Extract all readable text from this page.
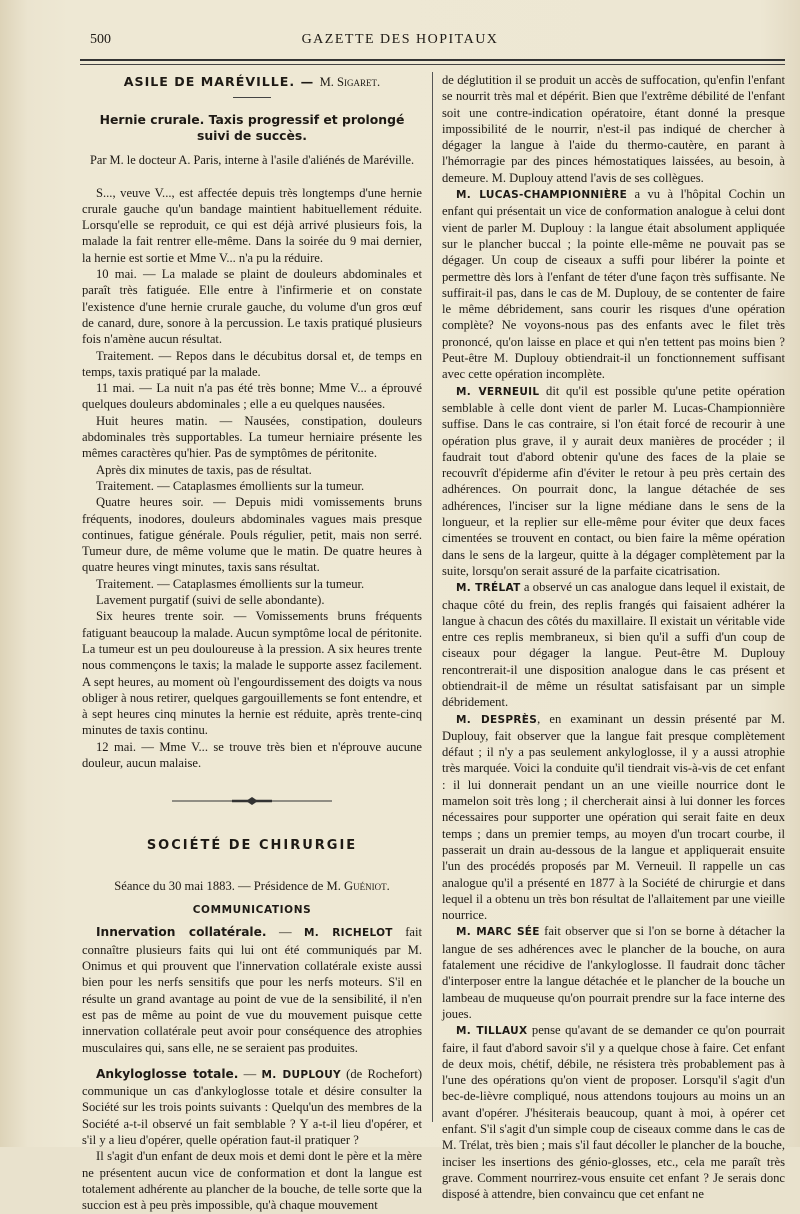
500	GAZETTE DES HOPITAUX
ASILE DE MARÉVILLE. — M. Sigaret.
Hernie crurale. Taxis progressif et prolongé suivi de succès.
Par M. le docteur A. Paris, interne à l'asile d'aliénés de Maréville.

S..., veuve V..., est affectée depuis très longtemps d'une hernie crurale gauche qu'un bandage maintient habituellement réduite. Lorsqu'elle se reproduit, ce qui est déjà arrivé plusieurs fois, la malade la fait rentrer elle-même. Dans la soirée du 9 mai dernier, la hernie est sortie et Mme V... n'a pu la réduire.

10 mai. — La malade se plaint de douleurs abdominales et paraît très fatiguée. Elle entre à l'infirmerie et on constate l'existence d'une hernie crurale gauche, du volume d'un gros œuf de canard, dure, sonore à la percussion. Le taxis pratiqué plusieurs fois n'amène aucun résultat.

Traitement. — Repos dans le décubitus dorsal et, de temps en temps, taxis pratiqué par la malade.

11 mai. — La nuit n'a pas été très bonne; Mme V... a éprouvé quelques douleurs abdominales ; elle a eu quelques nausées.

Huit heures matin. — Nausées, constipation, douleurs abdominales très supportables. La tumeur herniaire présente les mêmes caractères qu'hier. Pas de symptômes de péritonite.

Après dix minutes de taxis, pas de résultat.

Traitement. — Cataplasmes émollients sur la tumeur.

Quatre heures soir. — Depuis midi vomissements bruns fréquents, inodores, douleurs abdominales vagues mais presque continues, fatigue générale. Pouls régulier, petit, mais non serré. Tumeur dure, de même volume que le matin. De quatre heures à quatre heures vingt minutes, taxis sans résultat.

Traitement. — Cataplasmes émollients sur la tumeur.

Lavement purgatif (suivi de selle abondante).

Six heures trente soir. — Vomissements bruns fréquents fatiguant beaucoup la malade. Aucun symptôme local de péritonite. La tumeur est un peu douloureuse à la pression. A six heures trente nous commençons le taxis; la malade le supporte assez facilement. A sept heures, au moment où l'engourdissement des doigts va nous obliger à nous retirer, quelques gargouillements se font entendre, et à sept heures cinq minutes la hernie est réduite, après trente-cinq minutes de taxis continu.

12 mai. — Mme V... se trouve très bien et n'éprouve aucune douleur, aucun malaise.

SOCIÉTÉ DE CHIRURGIE
Séance du 30 mai 1883. — Présidence de M. Guéniot.
COMMUNICATIONS

Innervation collatérale. — M. RICHELOT fait connaître plusieurs faits qui lui ont été communiqués par M. Onimus et qui prouvent que l'innervation collatérale existe aussi bien pour les nerfs sensitifs que pour les nerfs moteurs. S'il en résulte un grand avantage au point de vue de la sensibilité, il n'en est pas de même au point de vue du mouvement puisque cette innervation collatérale peut avoir pour conséquence des atrophies musculaires qui, sans elle, ne se seraient pas produites.

Ankyloglosse totale. — M. DUPLOUY (de Rochefort) communique un cas d'ankyloglosse totale et désire consulter la Société sur les trois points suivants : Quelqu'un des membres de la Société a-t-il observé un fait semblable ? Y a-t-il lieu d'opérer, et s'il y a lieu d'opérer, quelle opération faut-il pratiquer ?

Il s'agit d'un enfant de deux mois et demi dont le père et la mère ne présentent aucun vice de conformation et dont la langue est totalement adhérente au plancher de la bouche, de telle sorte que la succion est à peu près impossible, qu'à chaque mouvement

de déglutition il se produit un accès de suffocation, qu'enfin l'enfant se nourrit très mal et dépérit. Bien que l'extrême débilité de l'enfant soit une contre-indication opératoire, étant donné la presque impossibilité de le nourrir, n'est-il pas indiqué de chercher à dégager la langue à l'aide du thermo-cautère, en parant à l'hémorragie par des pinces hémostatiques laissées, au besoin, à demeure. M. Duplouy attend l'avis de ses collègues.

M. LUCAS-CHAMPIONNIÈRE a vu à l'hôpital Cochin un enfant qui présentait un vice de conformation analogue à celui dont vient de parler M. Duplouy : la langue était absolument appliquée sur le plancher buccal ; la pointe elle-même ne pouvait pas se dégager. Un coup de ciseaux a suffi pour libérer la pointe et permettre dès lors à l'enfant de téter d'une façon très suffisante. Ne suffirait-il pas, dans le cas de M. Duplouy, de se contenter de faire le même débridement, sans courir les risques d'une opération complète? Ne voyons-nous pas des enfants avec le filet très prononcé, qu'on laisse en place et qui n'en tettent pas moins bien ? Peut-être M. Duplouy obtiendrait-il un fonctionnement suffisant avec cette opération incomplète.

M. VERNEUIL dit qu'il est possible qu'une petite opération semblable à celle dont vient de parler M. Lucas-Championnière suffise. Dans le cas contraire, si l'on était forcé de recourir à une opération plus grave, il y aurait deux manières de procéder ; il faudrait tout d'abord obtenir qu'une des faces de la plaie se recouvrît d'épiderme afin d'éviter le retour à peu près certain des adhérences. On pourrait donc, la langue détachée de ses adhérences, l'inciser sur la ligne médiane dans le sens de la longueur, et la replier sur elle-même pour éviter que deux faces cimentées se trouvent en contact, ou bien faire la même opération dans le sens de la largeur, quitte à la dégager complètement par la suite, lorsqu'on serait assuré de la parfaite cicatrisation.

M. TRÉLAT a observé un cas analogue dans lequel il existait, de chaque côté du frein, des replis frangés qui faisaient adhérer la langue à chacun des côtés du maxillaire. Il existait un véritable vide entre ces replis membraneux, si bien qu'il a suffi d'un coup de ciseaux pour dégager la langue. Peut-être M. Duplouy rencontrerait-il une disposition analogue dans le cas présent et obtiendrait-il de même un résultat satisfaisant par un simple débridement.

M. DESPRÈS, en examinant un dessin présenté par M. Duplouy, fait observer que la langue fait presque complètement défaut ; il n'y a pas seulement ankyloglosse, il y a aussi atrophie très marquée. Voici la conduite qu'il tiendrait vis-à-vis de cet enfant : il lui donnerait pendant un an une vieille nourrice dont le mamelon soit très long ; il chercherait ainsi à lui donner les forces nécessaires pour supporter une opération qui serait faite en deux temps ; dans un premier temps, au moyen d'un trocart courbe, il passerait un drain au-dessous de la langue et appliquerait ensuite l'un des procédés proposés par M. Verneuil. Il rappelle un cas analogue qu'il a présenté en 1877 à la Société de chirurgie et dans lequel il a obtenu un très bon résultat de l'allaitement par une vieille nourrice.

M. MARC SÉE fait observer que si l'on se borne à détacher la langue de ses adhérences avec le plancher de la bouche, on aura fatalement une récidive de l'ankyloglosse. Il faudrait donc tâcher d'interposer entre la langue détachée et le plancher de la bouche un lambeau de muqueuse qu'on pourrait prendre sur la face interne des joues.

M. TILLAUX pense qu'avant de se demander ce qu'on pourrait faire, il faut d'abord savoir s'il y a quelque chose à faire. Cet enfant de deux mois, chétif, débile, ne résistera très probablement pas à l'une des opérations qu'on vient de proposer. Lorsqu'il s'agit d'un bec-de-lièvre compliqué, nous attendons toujours au moins un an avant d'opérer. J'hésiterais beaucoup, quant à moi, à opérer cet enfant. S'il s'agit d'un simple coup de ciseaux comme dans le cas de M. Trélat, très bien ; mais s'il faut décoller le plancher de la bouche, inciser les insertions des génio-glosses, etc., cela me paraît très grave. Comment nourrirez-vous ensuite cet enfant ? Je serais donc disposé à attendre, bien convaincu que cet enfant ne
